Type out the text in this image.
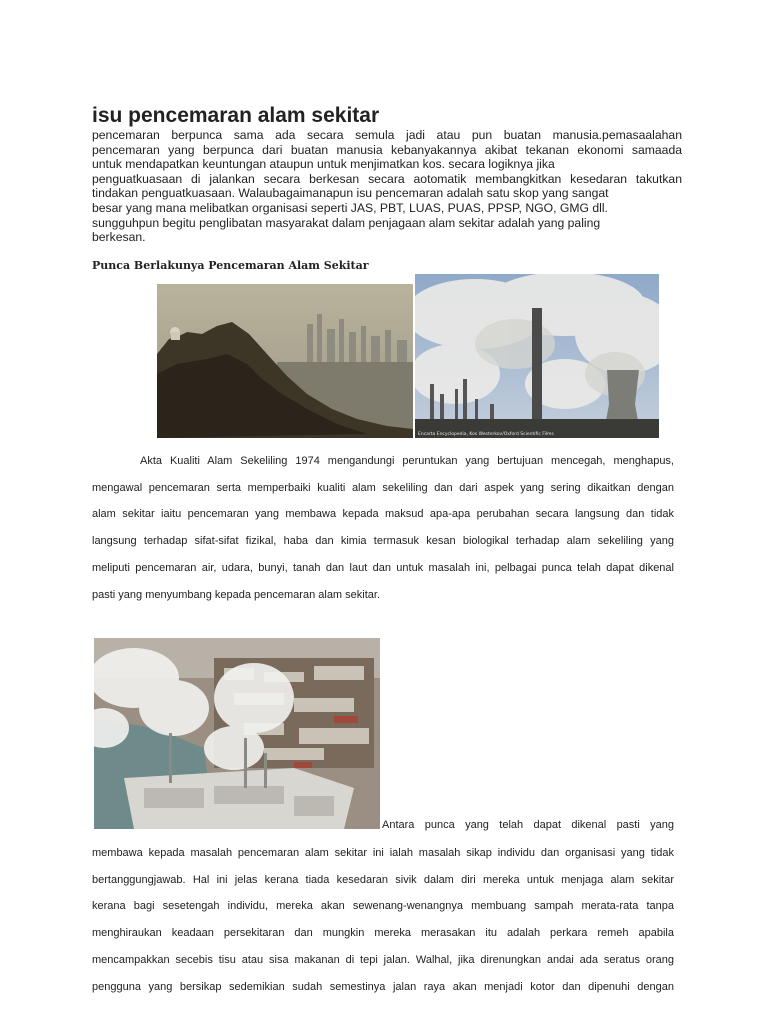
isu pencemaran alam sekitar
pencemaran berpunca sama ada secara semula jadi atau pun buatan manusia.pemasaalahan
pencemaran yang berpunca dari buatan manusia kebanyakannya akibat tekanan ekonomi samaada
untuk mendapatkan keuntungan ataupun untuk menjimatkan kos. secara logiknya jika
penguatkuasaan di jalankan secara berkesan secara aotomatik membangkitkan kesedaran takutkan
tindakan penguatkuasaan. Walaubagaimanapun isu pencemaran adalah satu skop yang sangat
besar yang mana melibatkan organisasi seperti JAS, PBT, LUAS, PUAS, PPSP, NGO, GMG dll.
sungguhpun begitu penglibatan masyarakat dalam penjagaan alam sekitar adalah yang paling
berkesan.
Punca Berlakunya Pencemaran Alam Sekitar
Encarta Encyclopedia, Kos Westerkov/Oxford Scientific Films
Akta Kualiti Alam Sekeliling 1974 mengandungi peruntukan yang bertujuan mencegah, menghapus,
mengawal pencemaran serta memperbaiki kualiti alam sekeliling dan dari aspek yang sering dikaitkan dengan
alam sekitar iaitu pencemaran yang membawa kepada maksud apa-apa perubahan secara langsung dan tidak
langsung terhadap sifat-sifat fizikal, haba dan kimia termasuk kesan biologikal terhadap alam sekeliling yang
meliputi pencemaran air, udara, bunyi, tanah dan laut dan untuk masalah ini, pelbagai punca telah dapat dikenal
pasti yang menyumbang kepada pencemaran alam sekitar.
Antara punca yang telah dapat dikenal pasti yang
membawa kepada masalah pencemaran alam sekitar ini ialah masalah sikap individu dan organisasi yang tidak
bertanggungjawab. Hal ini jelas kerana tiada kesedaran sivik dalam diri mereka untuk menjaga alam sekitar
kerana bagi sesetengah individu, mereka akan sewenang-wenangnya membuang sampah merata-rata tanpa
menghiraukan keadaan persekitaran dan mungkin mereka merasakan itu adalah perkara remeh apabila
mencampakkan secebis tisu atau sisa makanan di tepi jalan. Walhal, jika direnungkan andai ada seratus orang
pengguna yang bersikap sedemikian sudah semestinya jalan raya akan menjadi kotor dan dipenuhi dengan
